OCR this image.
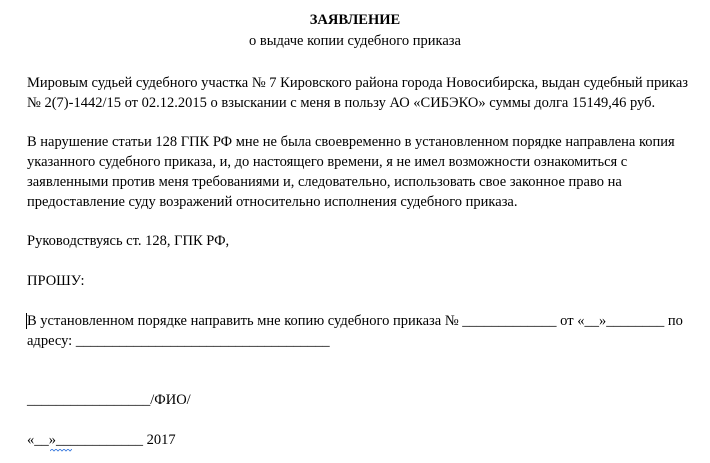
ЗАЯВЛЕНИЕ
о выдаче копии судебного приказа
Мировым судьей судебного участка № 7 Кировского района города Новосибирска, выдан судебный приказ
№ 2(7)-1442/15 от 02.12.2015 о взыскании с меня в пользу АО «СИБЭКО» суммы долга 15149,46 руб.
В нарушение статьи 128 ГПК РФ мне не была своевременно в установленном порядке направлена копия
указанного судебного приказа, и, до настоящего времени, я не имел возможности ознакомиться с
заявленными против меня требованиями и, следовательно, использовать свое законное право на
предоставление суду возражений относительно исполнения судебного приказа.
Руководствуясь ст. 128, ГПК РФ,
ПРОШУ:
В установленном порядке направить мне копию судебного приказа № _____________ от «__»________ по
адресу: ___________________________________
_________________/ФИО/
«__»____________ 2017
